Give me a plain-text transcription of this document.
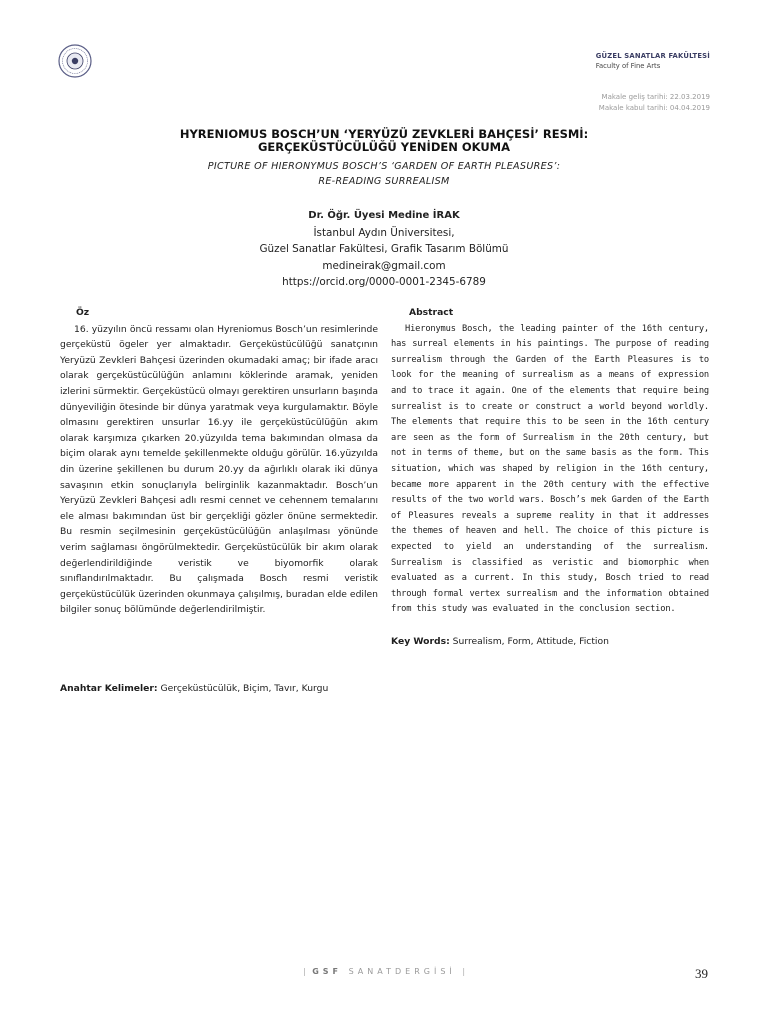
GÜZEL SANATLAR FAKÜLTESİ
Faculty of Fine Arts
Makale geliş tarihi: 22.03.2019
Makale kabul tarihi: 04.04.2019
HYRENIOMUS BOSCH’UN ‘YERYÜZÜ ZEVKLERİ BAHÇESİ’ RESMİ:
GERÇEKÜSTÜCÜLÜĞÜ YENİDEN OKUMA
PICTURE OF HIERONYMUS BOSCH’S ‘GARDEN OF EARTH PLEASURES’:
RE-READING SURREALISM
Dr. Öğr. Üyesi Medine İRAK
İstanbul Aydın Üniversitesi,
Güzel Sanatlar Fakültesi, Grafik Tasarım Bölümü
medineirak@gmail.com
https://orcid.org/0000-0001-2345-6789
Öz

16. yüzyılın öncü ressamı olan Hyreniomus Bosch’un resimlerinde gerçeküstü ögeler yer almaktadır. Gerçeküstücülüğü sanatçının Yeryüzü Zevkleri Bahçesi üzerinden okumadaki amaç; bir ifade aracı olarak gerçeküstücülüğün anlamını köklerinde aramak, yeniden izlerini sürmektir. Gerçeküstücü olmayı gerektiren unsurların başında dünyeviliğin ötesinde bir dünya yaratmak veya kurgulamaktır. Böyle olmasını gerektiren unsurlar 16.yy ile gerçeküstücülüğün akım olarak karşımıza çıkarken 20.yüzyılda tema bakımından olmasa da biçim olarak aynı temelde şekillenmekte olduğu görülür. 16.yüzyılda din üzerine şekillenen bu durum 20.yy da ağırlıklı olarak iki dünya savaşının etkin sonuçlarıyla belirginlik kazanmaktadır. Bosch’un Yeryüzü Zevkleri Bahçesi adlı resmi cennet ve cehennem temalarını ele alması bakımından üst bir gerçekliği gözler önüne sermektedir. Bu resmin seçilmesinin gerçeküstücülüğün anlaşılması yönünde verim sağlaması öngörülmektedir. Gerçeküstücülük bir akım olarak değerlendirildiğinde veristik ve biyomorfik olarak sınıflandırılmaktadır. Bu çalışmada Bosch resmi veristik gerçeküstücülük üzerinden okunmaya çalışılmış, buradan elde edilen bilgiler sonuç bölümünde değerlendirilmiştir.

Anahtar Kelimeler: Gerçeküstücülük, Biçim, Tavır, Kurgu
Abstract

Hieronymus Bosch, the leading painter of the 16th century, has surreal elements in his paintings. The purpose of reading surrealism through the Garden of the Earth Pleasures is to look for the meaning of surrealism as a means of expression and to trace it again. One of the elements that require being surrealist is to create or construct a world beyond worldly. The elements that require this to be seen in the 16th century are seen as the form of Surrealism in the 20th century, but not in terms of theme, but on the same basis as the form. This situation, which was shaped by religion in the 16th century, became more apparent in the 20th century with the effective results of the two world wars. Bosch’s mek Garden of the Earth of Pleasures reveals a supreme reality in that it addresses the themes of heaven and hell. The choice of this picture is expected to yield an understanding of the surrealism. Surrealism is classified as veristic and biomorphic when evaluated as a current. In this study, Bosch tried to read through formal vertex surrealism and the information obtained from this study was evaluated in the conclusion section.

Key Words: Surrealism, Form, Attitude, Fiction
| GSF SANATDERGİSİ |	39
